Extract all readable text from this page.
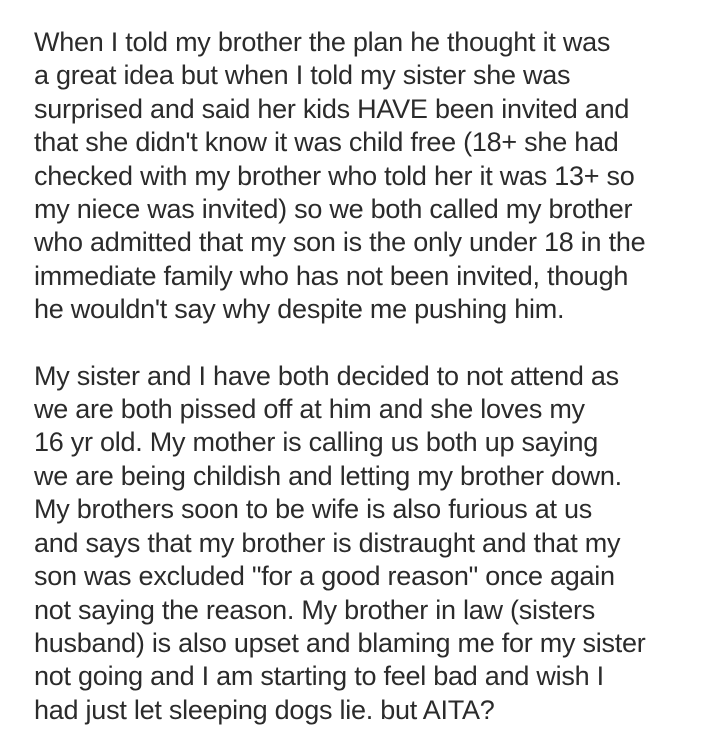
When I told my brother the plan he thought it was
a great idea but when I told my sister she was
surprised and said her kids HAVE been invited and
that she didn't know it was child free (18+ she had
checked with my brother who told her it was 13+ so
my niece was invited) so we both called my brother
who admitted that my son is the only under 18 in the
immediate family who has not been invited, though
he wouldn't say why despite me pushing him.
My sister and I have both decided to not attend as
we are both pissed off at him and she loves my
16 yr old. My mother is calling us both up saying
we are being childish and letting my brother down.
My brothers soon to be wife is also furious at us
and says that my brother is distraught and that my
son was excluded "for a good reason" once again
not saying the reason. My brother in law (sisters
husband) is also upset and blaming me for my sister
not going and I am starting to feel bad and wish I
had just let sleeping dogs lie. but AITA?
